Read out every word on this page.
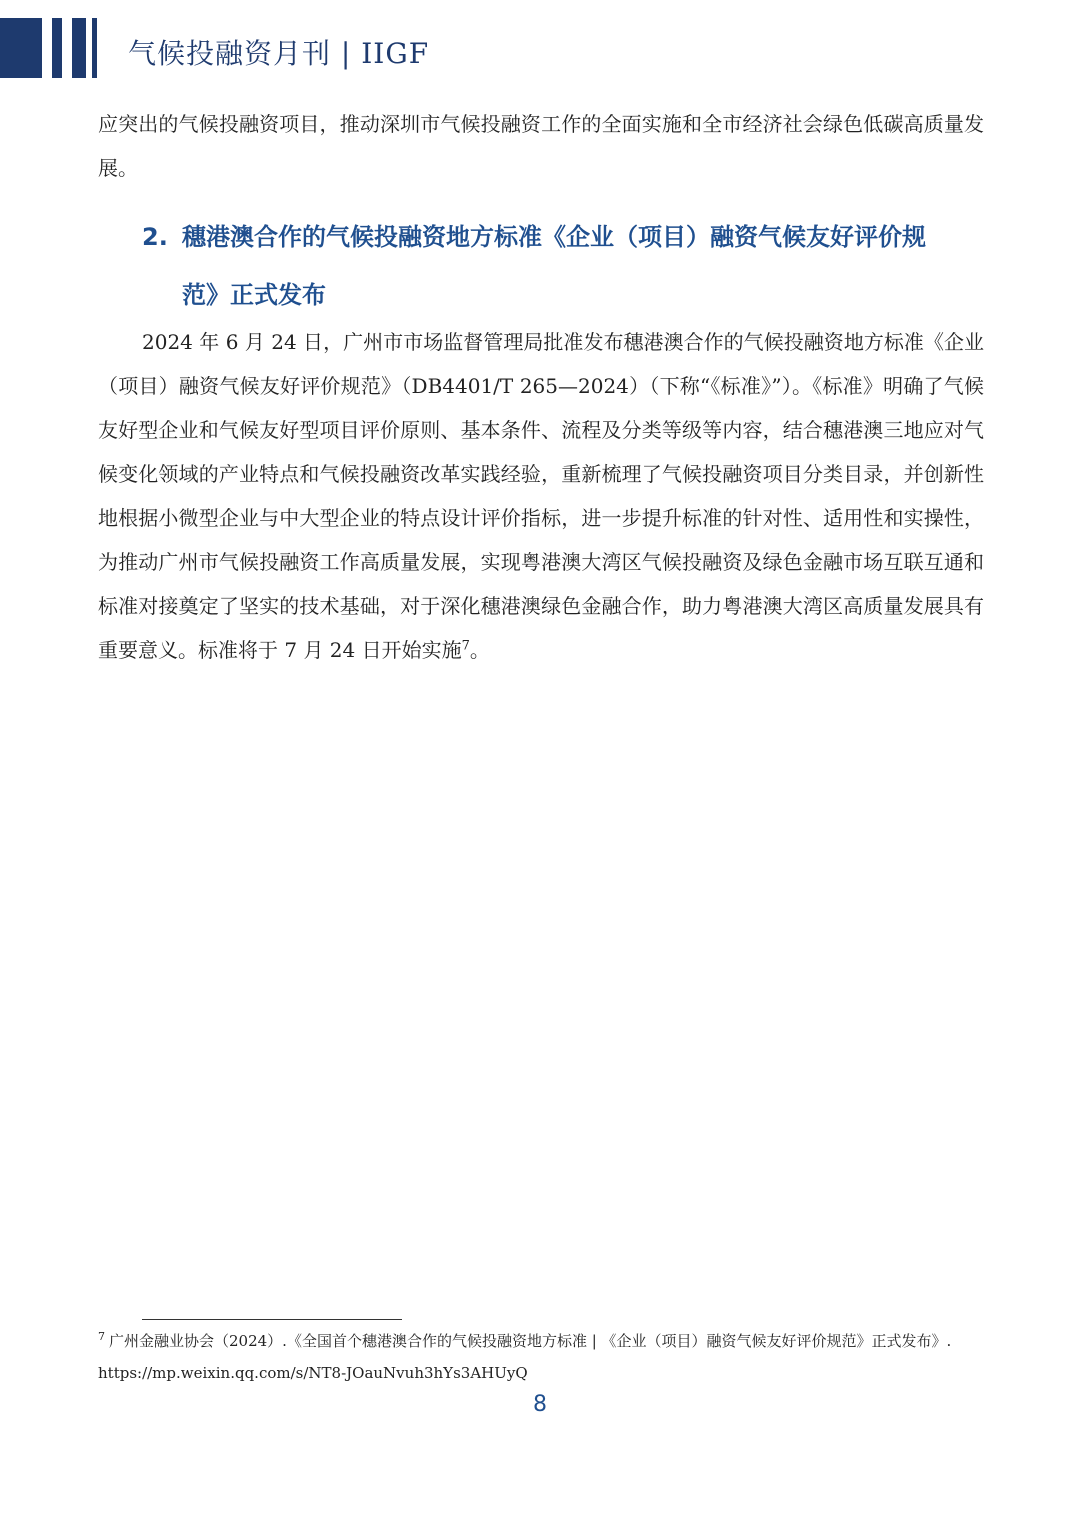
气候投融资月刊 | IIGF

应突出的气候投融资项目，推动深圳市气候投融资工作的全面实施和全市经济社会绿色低碳高质量发展。

2. 穗港澳合作的气候投融资地方标准《企业（项目）融资气候友好评价规
范》正式发布

2024 年 6 月 24 日，广州市市场监督管理局批准发布穗港澳合作的气候投融资地方标准《企业（项目）融资气候友好评价规范》（DB4401/T 265—2024）（下称“《标准》”）。《标准》明确了气候友好型企业和气候友好型项目评价原则、基本条件、流程及分类等级等内容，结合穗港澳三地应对气候变化领域的产业特点和气候投融资改革实践经验，重新梳理了气候投融资项目分类目录，并创新性地根据小微型企业与中大型企业的特点设计评价指标，进一步提升标准的针对性、适用性和实操性，为推动广州市气候投融资工作高质量发展，实现粤港澳大湾区气候投融资及绿色金融市场互联互通和标准对接奠定了坚实的技术基础，对于深化穗港澳绿色金融合作，助力粤港澳大湾区高质量发展具有重要意义。标准将于 7 月 24 日开始实施$^7$。

$^7$ 广州金融业协会（2024）.《全国首个穗港澳合作的气候投融资地方标准 | 《企业（项目）融资气候友好评价规范》正式发布》. https://mp.weixin.qq.com/s/NT8-JOauNvuh3hYs3AHUyQ

8
